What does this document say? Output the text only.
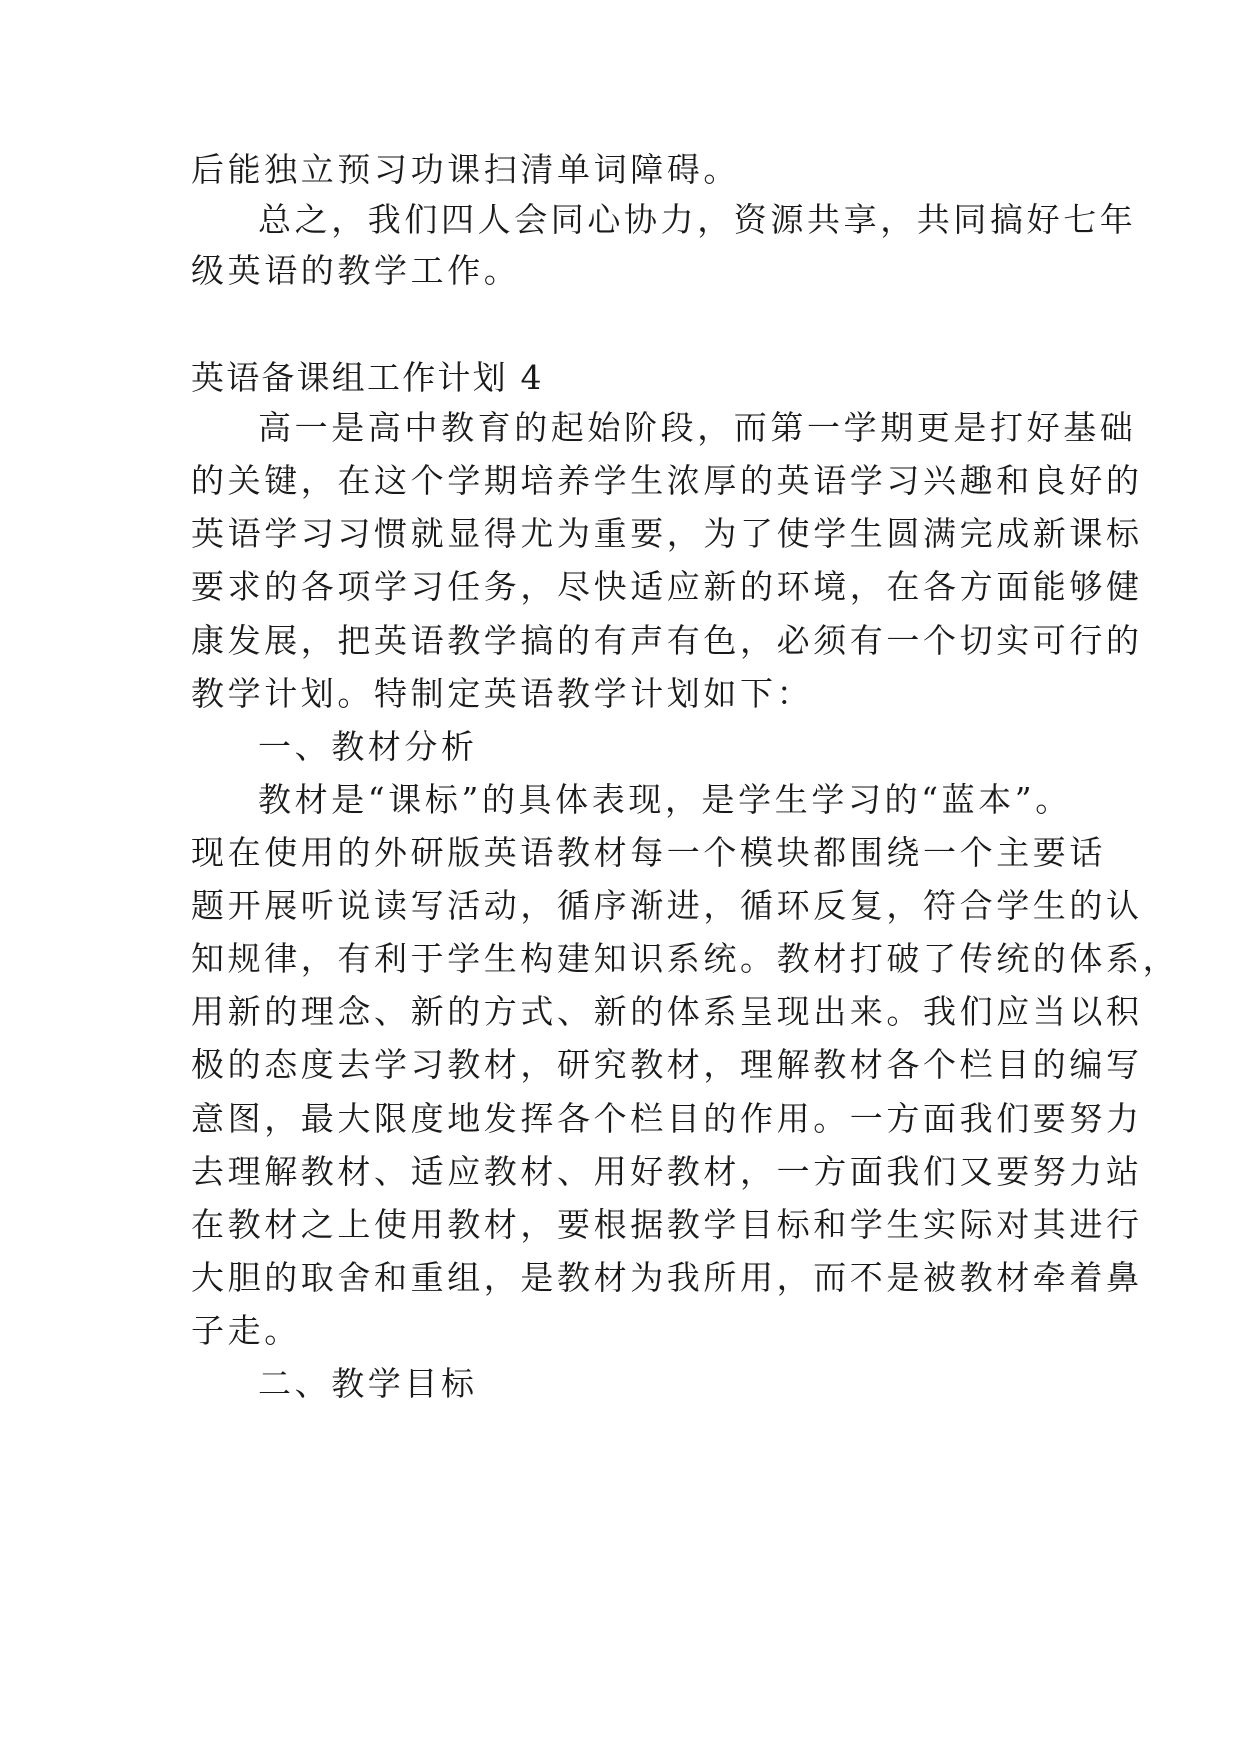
后能独立预习功课扫清单词障碍。
总之，我们四人会同心协力，资源共享，共同搞好七年
级英语的教学工作。
英语备课组工作计划 4
高一是高中教育的起始阶段，而第一学期更是打好基础
的关键，在这个学期培养学生浓厚的英语学习兴趣和良好的
英语学习习惯就显得尤为重要，为了使学生圆满完成新课标
要求的各项学习任务，尽快适应新的环境，在各方面能够健
康发展，把英语教学搞的有声有色，必须有一个切实可行的
教学计划。特制定英语教学计划如下：
一、教材分析
教材是“课标”的具体表现，是学生学习的“蓝本”。
现在使用的外研版英语教材每一个模块都围绕一个主要话
题开展听说读写活动，循序渐进，循环反复，符合学生的认
知规律，有利于学生构建知识系统。教材打破了传统的体系，
用新的理念、新的方式、新的体系呈现出来。我们应当以积
极的态度去学习教材，研究教材，理解教材各个栏目的编写
意图，最大限度地发挥各个栏目的作用。一方面我们要努力
去理解教材、适应教材、用好教材，一方面我们又要努力站
在教材之上使用教材，要根据教学目标和学生实际对其进行
大胆的取舍和重组，是教材为我所用，而不是被教材牵着鼻
子走。
二、教学目标
